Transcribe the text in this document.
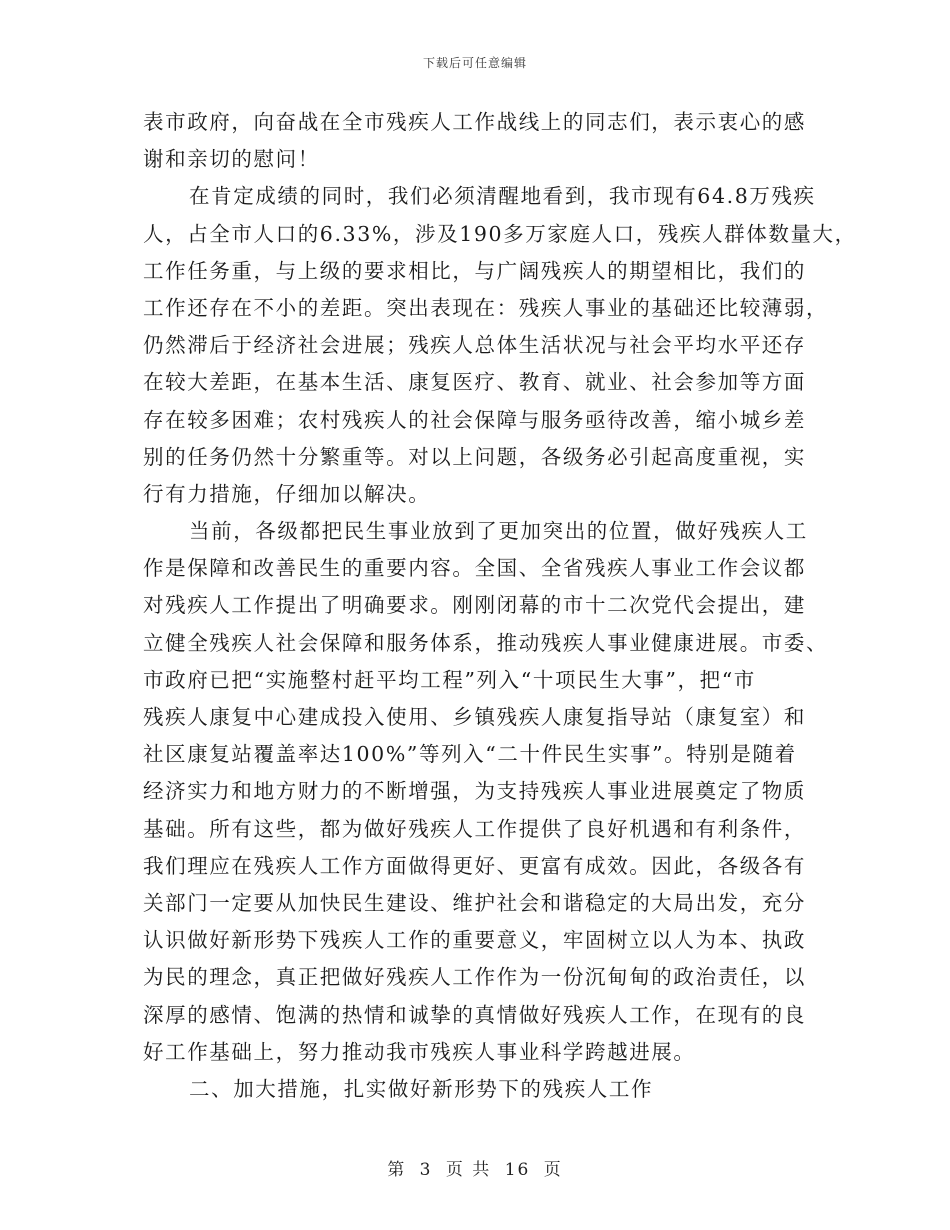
下载后可任意编辑
表市政府，向奋战在全市残疾人工作战线上的同志们，表示衷心的感
谢和亲切的慰问！
在肯定成绩的同时，我们必须清醒地看到，我市现有64.8万残疾
人，占全市人口的6.33%，涉及190多万家庭人口，残疾人群体数量大，
工作任务重，与上级的要求相比，与广阔残疾人的期望相比，我们的
工作还存在不小的差距。突出表现在：残疾人事业的基础还比较薄弱，
仍然滞后于经济社会进展；残疾人总体生活状况与社会平均水平还存
在较大差距，在基本生活、康复医疗、教育、就业、社会参加等方面
存在较多困难；农村残疾人的社会保障与服务亟待改善，缩小城乡差
别的任务仍然十分繁重等。对以上问题，各级务必引起高度重视，实
行有力措施，仔细加以解决。
当前，各级都把民生事业放到了更加突出的位置，做好残疾人工
作是保障和改善民生的重要内容。全国、全省残疾人事业工作会议都
对残疾人工作提出了明确要求。刚刚闭幕的市十二次党代会提出，建
立健全残疾人社会保障和服务体系，推动残疾人事业健康进展。市委、
市政府已把“实施整村赶平均工程”列入“十项民生大事”，把“市
残疾人康复中心建成投入使用、乡镇残疾人康复指导站（康复室）和
社区康复站覆盖率达100%”等列入“二十件民生实事”。特别是随着
经济实力和地方财力的不断增强，为支持残疾人事业进展奠定了物质
基础。所有这些，都为做好残疾人工作提供了良好机遇和有利条件，
我们理应在残疾人工作方面做得更好、更富有成效。因此，各级各有
关部门一定要从加快民生建设、维护社会和谐稳定的大局出发，充分
认识做好新形势下残疾人工作的重要意义，牢固树立以人为本、执政
为民的理念，真正把做好残疾人工作作为一份沉甸甸的政治责任，以
深厚的感情、饱满的热情和诚挚的真情做好残疾人工作，在现有的良
好工作基础上，努力推动我市残疾人事业科学跨越进展。
二、加大措施，扎实做好新形势下的残疾人工作
第 3 页 共 16 页
